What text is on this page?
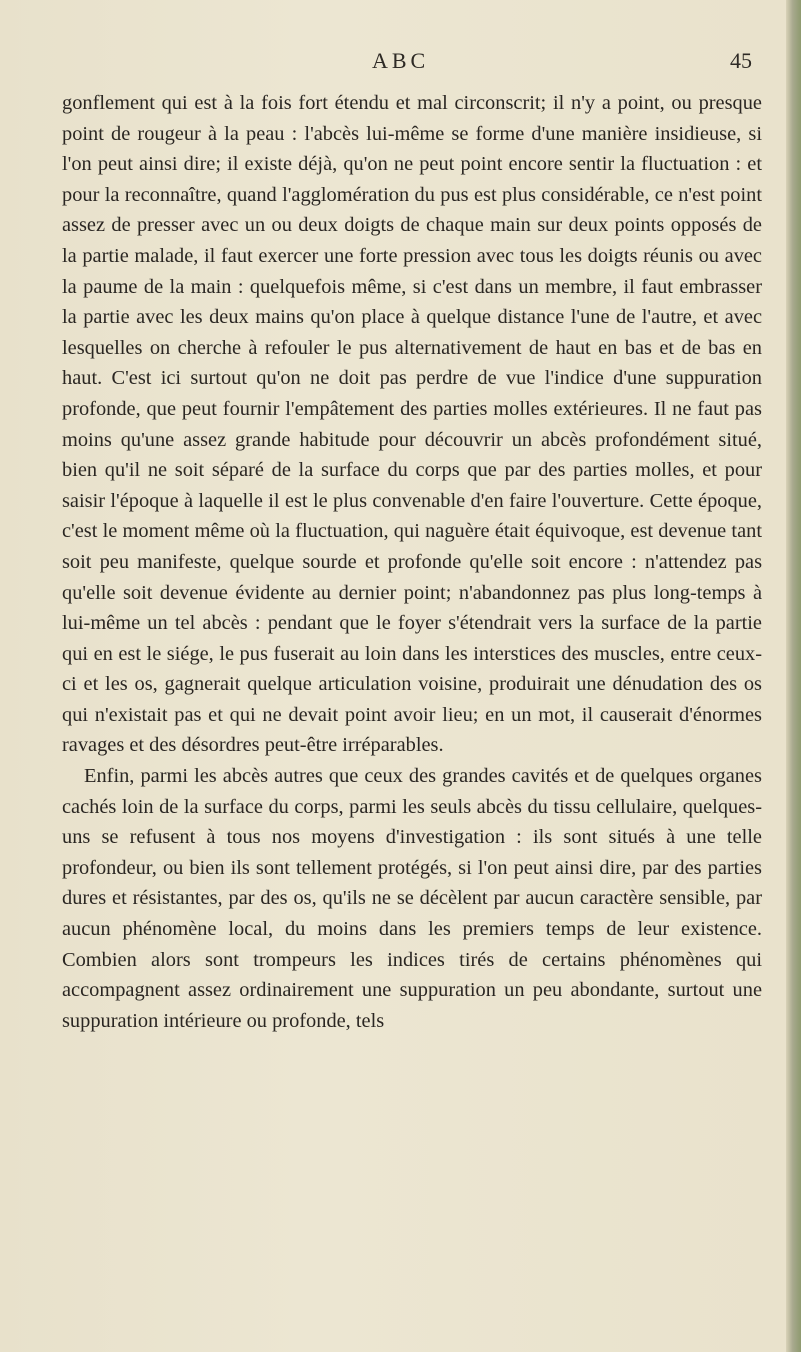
ABC	45

gonflement qui est à la fois fort étendu et mal circonscrit; il n'y a point, ou presque point de rougeur à la peau : l'abcès lui-même se forme d'une manière insidieuse, si l'on peut ainsi dire; il existe déjà, qu'on ne peut point encore sentir la fluctuation : et pour la reconnaître, quand l'agglomération du pus est plus considérable, ce n'est point assez de presser avec un ou deux doigts de chaque main sur deux points opposés de la partie malade, il faut exercer une forte pression avec tous les doigts réunis ou avec la paume de la main : quelquefois même, si c'est dans un membre, il faut embrasser la partie avec les deux mains qu'on place à quelque distance l'une de l'autre, et avec lesquelles on cherche à refouler le pus alternativement de haut en bas et de bas en haut. C'est ici surtout qu'on ne doit pas perdre de vue l'indice d'une suppuration profonde, que peut fournir l'empâtement des parties molles extérieures. Il ne faut pas moins qu'une assez grande habitude pour découvrir un abcès profondément situé, bien qu'il ne soit séparé de la surface du corps que par des parties molles, et pour saisir l'époque à laquelle il est le plus convenable d'en faire l'ouverture. Cette époque, c'est le moment même où la fluctuation, qui naguère était équivoque, est devenue tant soit peu manifeste, quelque sourde et profonde qu'elle soit encore : n'attendez pas qu'elle soit devenue évidente au dernier point; n'abandonnez pas plus long-temps à lui-même un tel abcès : pendant que le foyer s'étendrait vers la surface de la partie qui en est le siége, le pus fuserait au loin dans les interstices des muscles, entre ceux-ci et les os, gagnerait quelque articulation voisine, produirait une dénudation des os qui n'existait pas et qui ne devait point avoir lieu; en un mot, il causerait d'énormes ravages et des désordres peut-être irréparables.

Enfin, parmi les abcès autres que ceux des grandes cavités et de quelques organes cachés loin de la surface du corps, parmi les seuls abcès du tissu cellulaire, quelques-uns se refusent à tous nos moyens d'investigation : ils sont situés à une telle profondeur, ou bien ils sont tellement protégés, si l'on peut ainsi dire, par des parties dures et résistantes, par des os, qu'ils ne se décèlent par aucun caractère sensible, par aucun phénomène local, du moins dans les premiers temps de leur existence. Combien alors sont trompeurs les indices tirés de certains phénomènes qui accompagnent assez ordinairement une suppuration un peu abondante, surtout une suppuration intérieure ou profonde, tels
